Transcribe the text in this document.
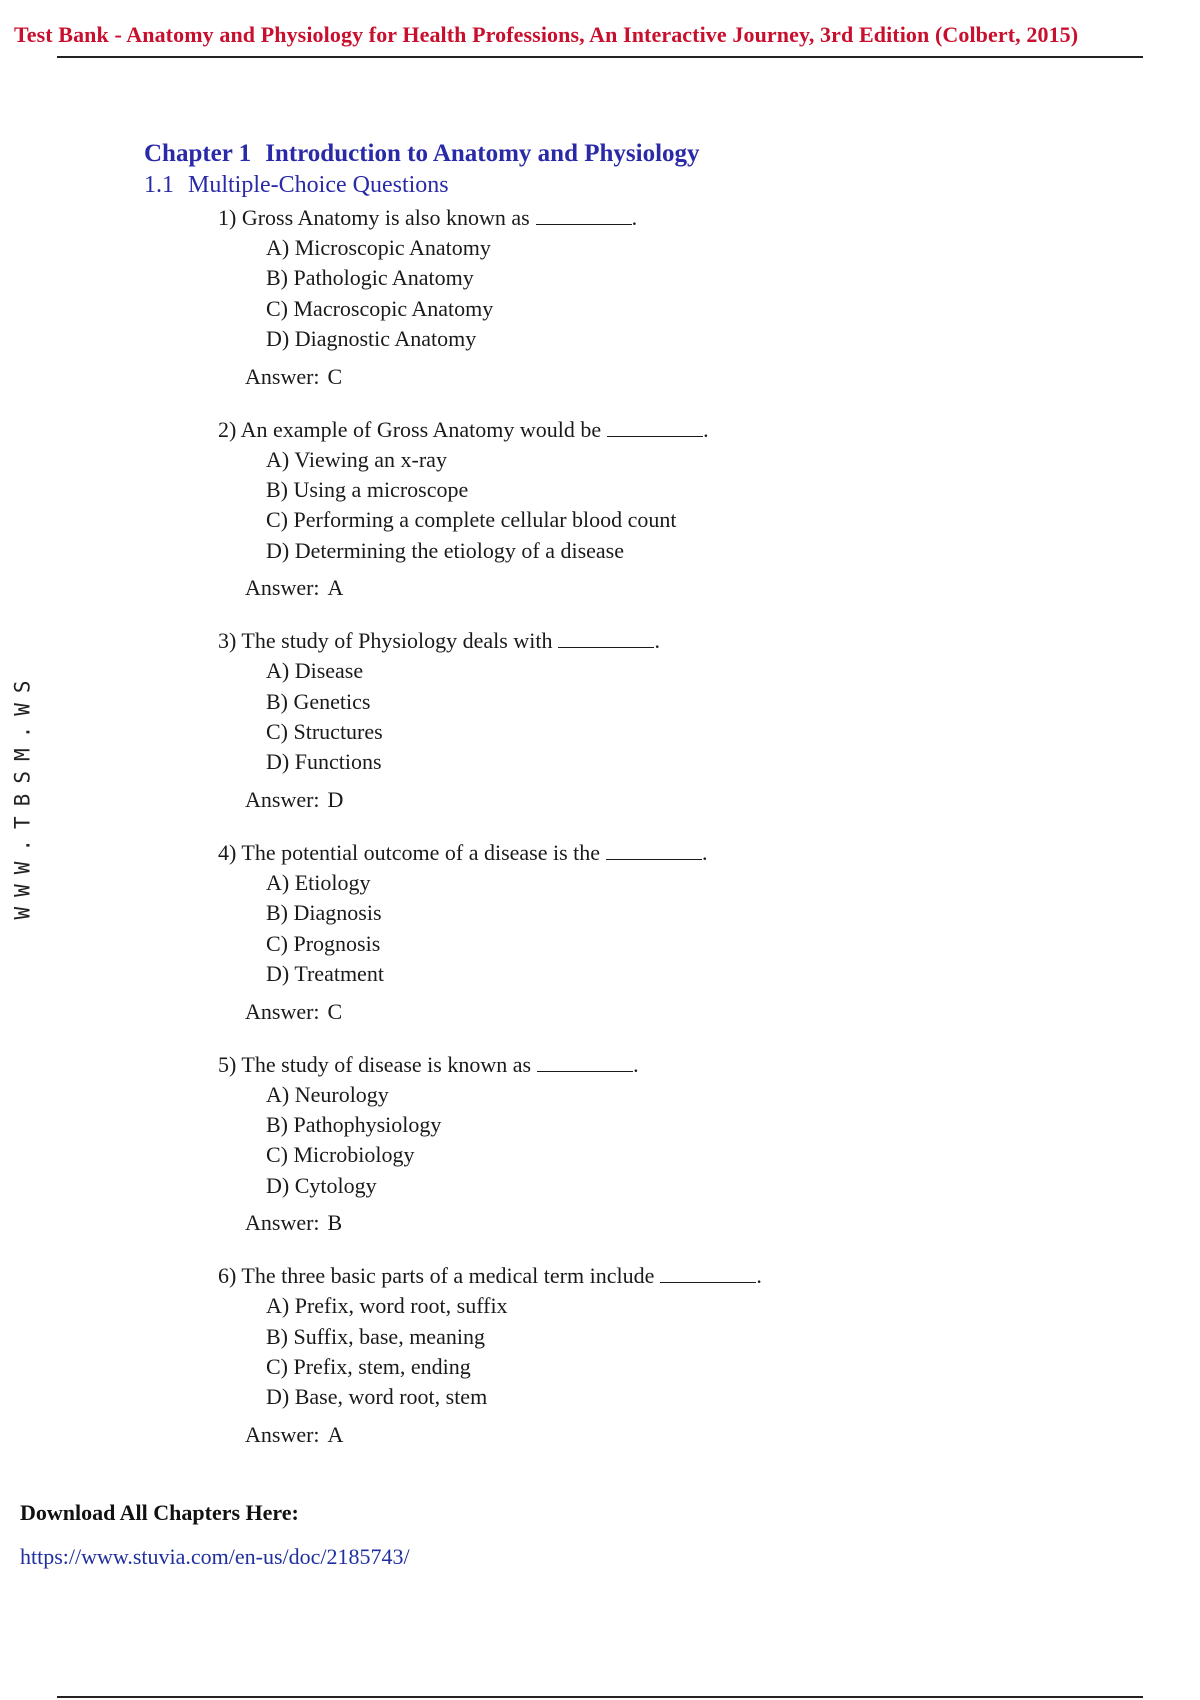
Test Bank - Anatomy and Physiology for Health Professions, An Interactive Journey, 3rd Edition (Colbert, 2015)
Chapter 1 Introduction to Anatomy and Physiology
1.1 Multiple-Choice Questions
1) Gross Anatomy is also known as	.
A) Microscopic Anatomy
B) Pathologic Anatomy
C) Macroscopic Anatomy
D) Diagnostic Anatomy
Answer: C
2) An example of Gross Anatomy would be	.
A) Viewing an x-ray
B) Using a microscope
C) Performing a complete cellular blood count
D) Determining the etiology of a disease
Answer: A
3) The study of Physiology deals with	.
A) Disease
B) Genetics
C) Structures
D) Functions
Answer: D
4) The potential outcome of a disease is the	.
A) Etiology
B) Diagnosis
C) Prognosis
D) Treatment
Answer: C
5) The study of disease is known as	.
A) Neurology
B) Pathophysiology
C) Microbiology
D) Cytology
Answer: B
6) The three basic parts of a medical term include	.
A) Prefix, word root, suffix
B) Suffix, base, meaning
C) Prefix, stem, ending
D) Base, word root, stem
Answer: A
WWW.TBSM.WS
Download All Chapters Here:
https://www.stuvia.com/en-us/doc/2185743/
